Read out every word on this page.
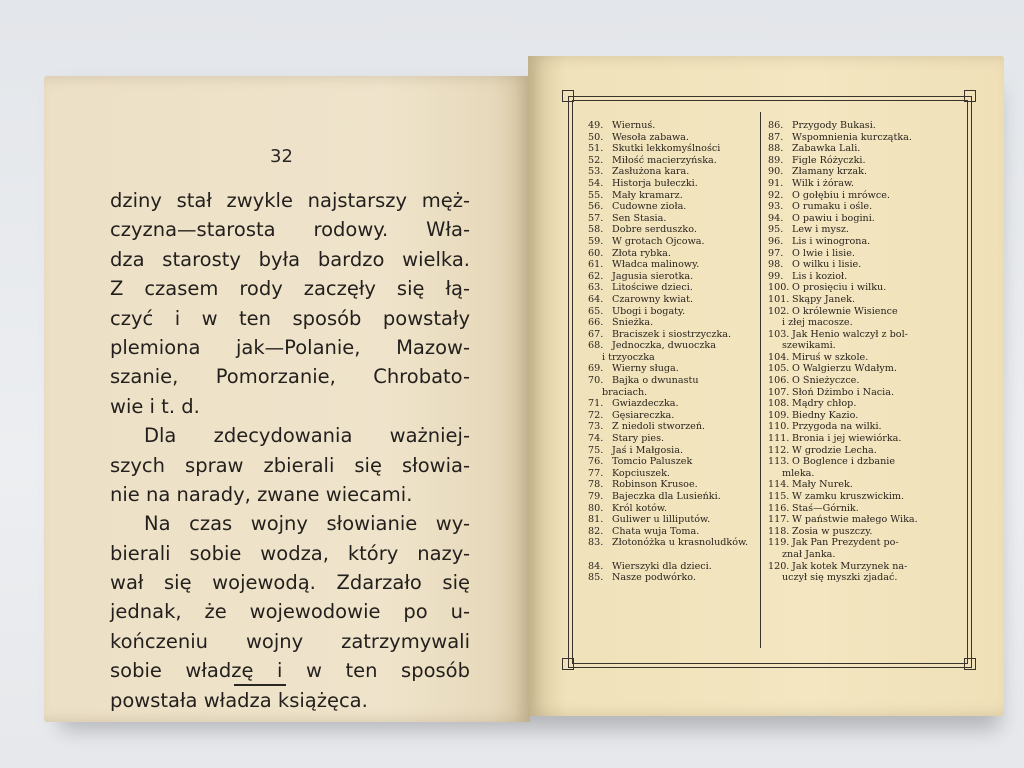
32
dziny stał zwykle najstarszy męż-
czyzna—starosta rodowy. Wła-
dza starosty była bardzo wielka.
Z czasem rody zaczęły się łą-
czyć i w ten sposób powstały
plemiona jak—Polanie, Mazow-
szanie, Pomorzanie, Chrobato-
wie i t. d.
Dla zdecydowania ważniej-
szych spraw zbierali się słowia-
nie na narady, zwane wiecami.
Na czas wojny słowianie wy-
bierali sobie wodza, który nazy-
wał się wojewodą. Zdarzało się
jednak, że wojewodowie po u-
kończeniu wojny zatrzymywali
sobie władzę i w ten sposób
powstała władza książęca.
49. Wiernuś.
50. Wesoła zabawa.
51. Skutki lekkomyślności
52. Miłość macierzyńska.
53. Zasłużona kara.
54. Historja bułeczki.
55. Mały kramarz.
56. Cudowne zioła.
57. Sen Stasia.
58. Dobre serduszko.
59. W grotach Ojcowa.
60. Złota rybka.
61. Władca malinowy.
62. Jagusia sierotka.
63. Litościwe dzieci.
64. Czarowny kwiat.
65. Ubogi i bogaty.
66. Śnieżka.
67. Braciszek i siostrzyczka.
68. Jednoczka, dwuoczka
i trzyoczka
69. Wierny sługa.
70. Bajka o dwunastu
braciach.
71. Gwiazdeczka.
72. Gęsiareczka.
73. Z niedoli stworzeń.
74. Stary pies.
75. Jaś i Małgosia.
76. Tomcio Paluszek
77. Kopciuszek.
78. Robinson Krusoe.
79. Bajeczka dla Lusieńki.
80. Król kotów.
81. Guliwer u lilliputów.
82. Chata wuja Toma.
83. Złotonóżka u krasnoludków.
84. Wierszyki dla dzieci.
85. Nasze podwórko.
86. Przygody Bukasi.
87. Wspomnienia kurczątka.
88. Zabawka Lali.
89. Figle Różyczki.
90. Złamany krzak.
91. Wilk i żóraw.
92. O gołębiu i mrówce.
93. O rumaku i ośle.
94. O pawiu i bogini.
95. Lew i mysz.
96. Lis i winogrona.
97. O lwie i lisie.
98. O wilku i lisie.
99. Lis i kozioł.
100. O prosięciu i wilku.
101. Skąpy Janek.
102. O królewnie Wisience
i złej macosze.
103. Jak Henio walczył z bol-
szewikami.
104. Miruś w szkole.
105. O Walgierzu Wdałym.
106. O Śnieżyczce.
107. Słoń Dżimbo i Nacia.
108. Mądry chłop.
109. Biedny Kazio.
110. Przygoda na wilki.
111. Bronia i jej wiewiórka.
112. W grodzie Lecha.
113. O Boglence i dzbanie
mleka.
114. Mały Nurek.
115. W zamku kruszwickim.
116. Staś—Górnik.
117. W państwie małego Wika.
118. Zosia w puszczy.
119. Jak Pan Prezydent po-
znał Janka.
120. Jak kotek Murzynek na-
uczył się myszki zjadać.
